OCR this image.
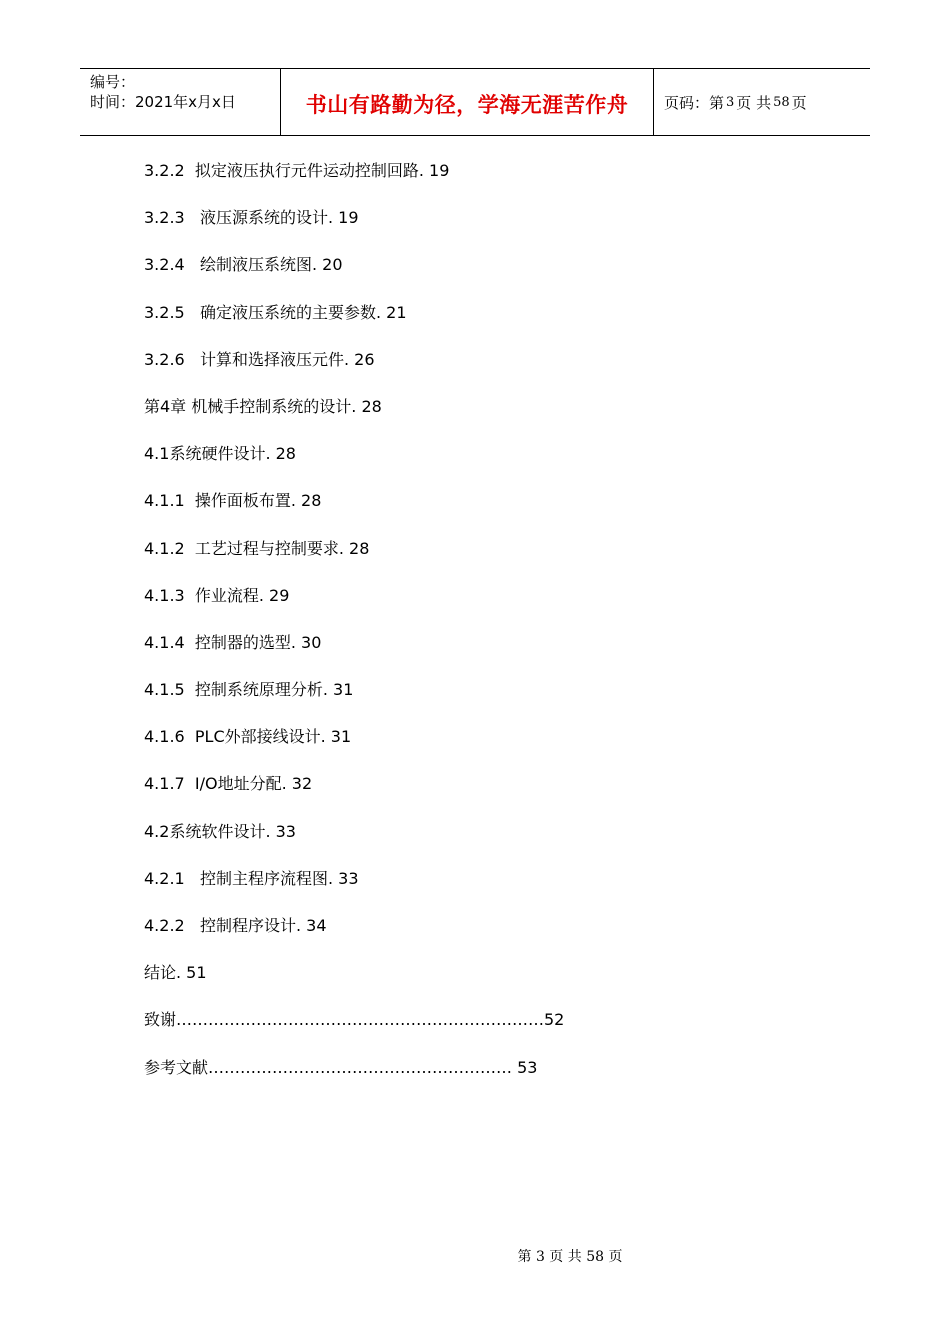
编号：
时间：2021年x月x日	书山有路勤为径，学海无涯苦作舟 页码：第 3 页 共 58 页
3.2.2  拟定液压执行元件运动控制回路. 19
3.2.3   液压源系统的设计. 19
3.2.4   绘制液压系统图. 20
3.2.5   确定液压系统的主要参数. 21
3.2.6   计算和选择液压元件. 26
第4章 机械手控制系统的设计. 28
4.1系统硬件设计. 28
4.1.1  操作面板布置. 28
4.1.2  工艺过程与控制要求. 28
4.1.3  作业流程. 29
4.1.4  控制器的选型. 30
4.1.5  控制系统原理分析. 31
4.1.6  PLC外部接线设计. 31
4.1.7  I/O地址分配. 32
4.2系统软件设计. 33
4.2.1   控制主程序流程图. 33
4.2.2   控制程序设计. 34
结论. 51
致谢……………………………………………………………52
参考文献………………………………………………… 53
第 3 页 共 58 页
